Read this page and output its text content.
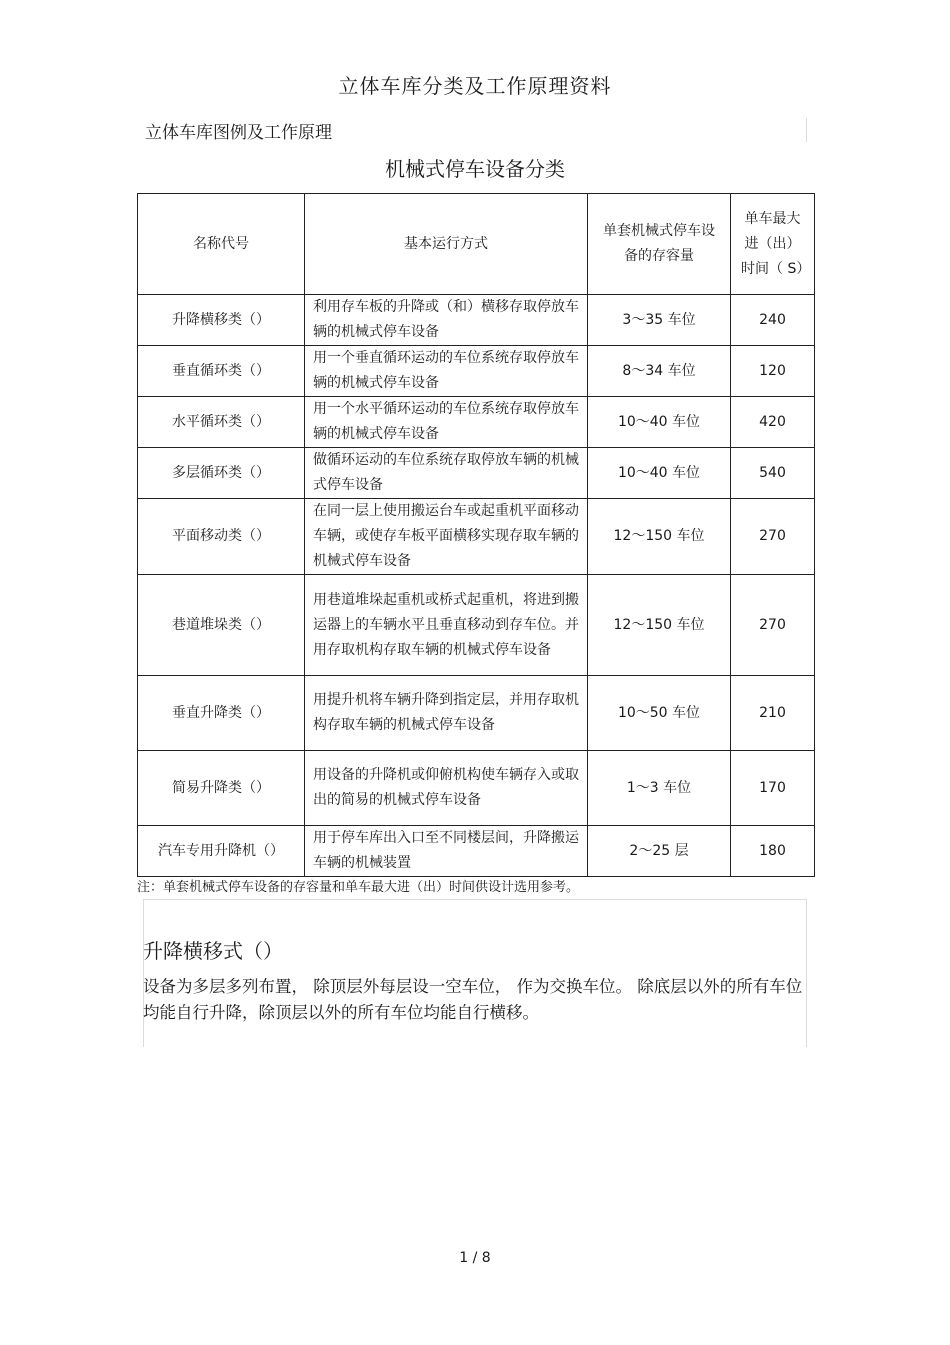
立体车库分类及工作原理资料
立体车库图例及工作原理
机械式停车设备分类
名称代号	基本运行方式	单套机械式停车设备的存容量	单车最大进（出）时间（ S）
升降横移类（）	利用存车板的升降或（和）横移存取停放车辆的机械式停车设备	3～35 车位	240
垂直循环类（）	用一个垂直循环运动的车位系统存取停放车辆的机械式停车设备	8～34 车位	120
水平循环类（）	用一个水平循环运动的车位系统存取停放车辆的机械式停车设备	10～40 车位	420
多层循环类（）	做循环运动的车位系统存取停放车辆的机械式停车设备	10～40 车位	540
平面移动类（）	在同一层上使用搬运台车或起重机平面移动车辆，或使存车板平面横移实现存取车辆的机械式停车设备	12～150 车位	270
巷道堆垛类（）	用巷道堆垛起重机或桥式起重机，将进到搬运器上的车辆水平且垂直移动到存车位。并用存取机构存取车辆的机械式停车设备	12～150 车位	270
垂直升降类（）	用提升机将车辆升降到指定层，并用存取机构存取车辆的机械式停车设备	10～50 车位	210
简易升降类（）	用设备的升降机或仰俯机构使车辆存入或取出的简易的机械式停车设备	1～3 车位	170
汽车专用升降机（）	用于停车库出入口至不同楼层间，升降搬运车辆的机械装置	2～25 层	180
注：单套机械式停车设备的存容量和单车最大进（出）时间供设计选用参考。
升降横移式（）
设备为多层多列布置， 除顶层外每层设一空车位， 作为交换车位。 除底层以外的所有车位均能自行升降，除顶层以外的所有车位均能自行横移。
1 / 8
